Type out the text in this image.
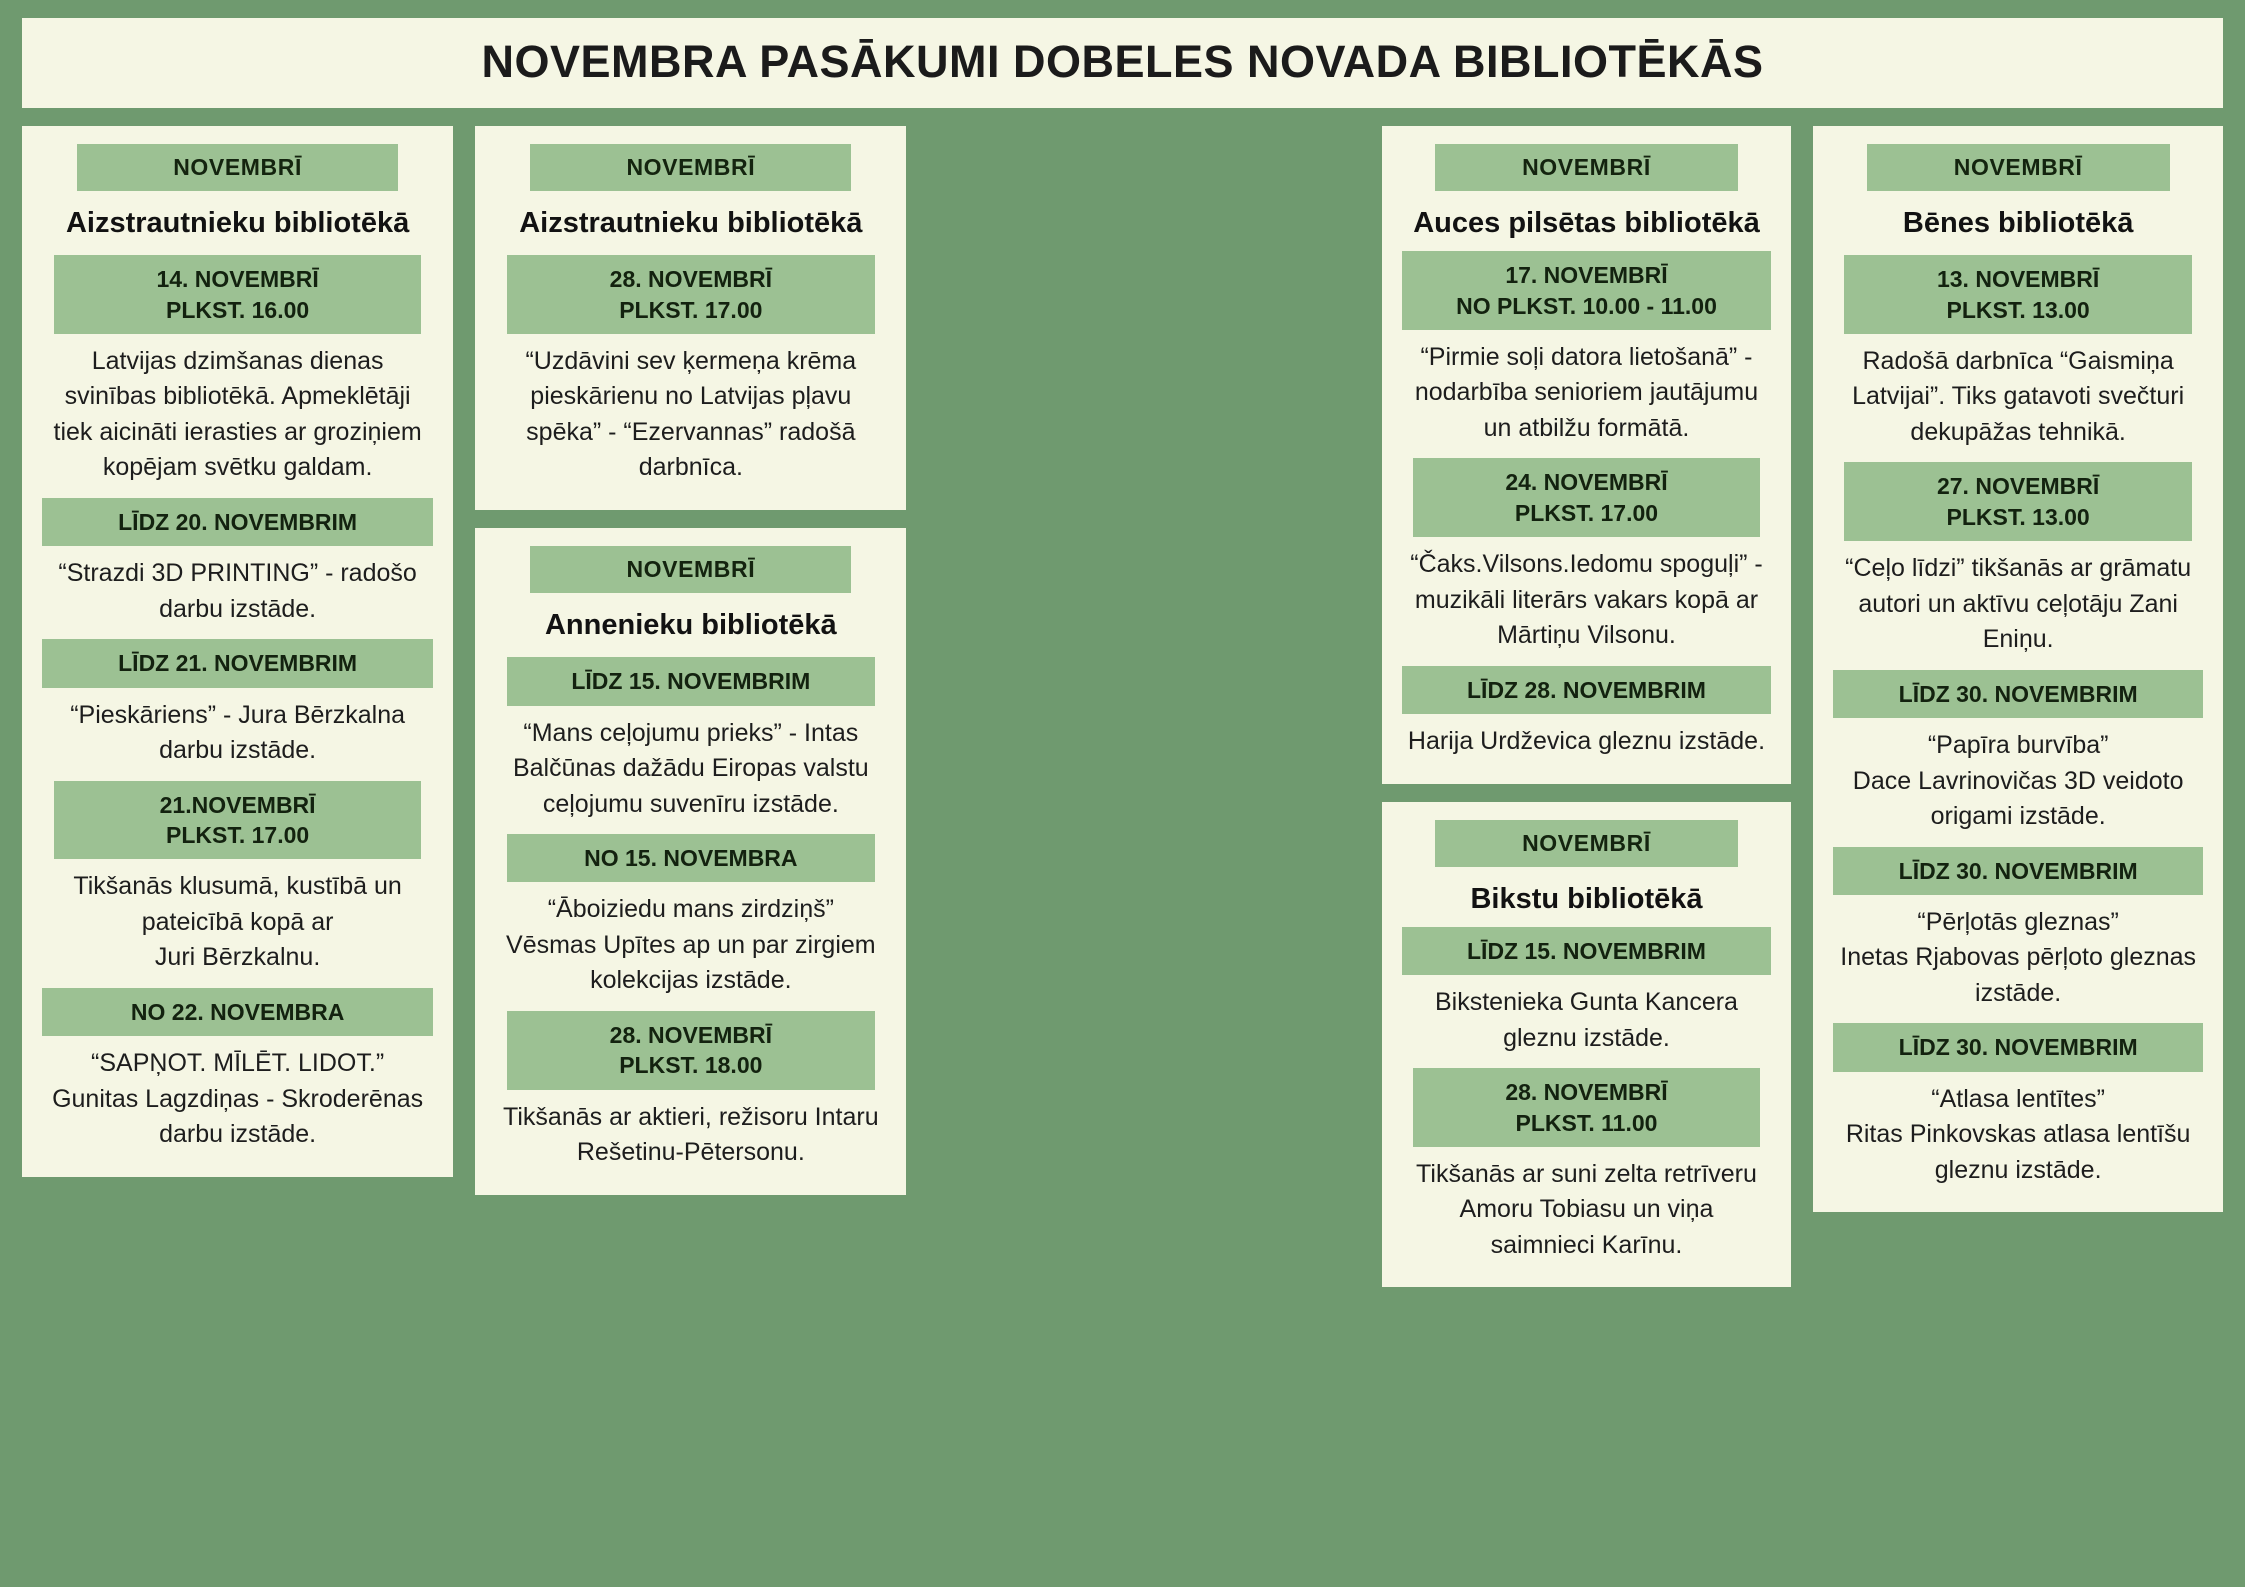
NOVEMBRA PASĀKUMI DOBELES NOVADA BIBLIOTĒKĀS
NOVEMBRĪ
Aizstrautnieku bibliotēkā
14. NOVEMBRĪ
PLKST. 16.00
Latvijas dzimšanas dienas svinības bibliotēkā. Apmeklētāji tiek aicināti ierasties ar groziņiem kopējam svētku galdam.
LĪDZ 20. NOVEMBRIM
“Strazdi 3D PRINTING” - radošo darbu izstāde.
LĪDZ 21. NOVEMBRIM
“Pieskāriens” - Jura Bērzkalna darbu izstāde.
21.NOVEMBRĪ
PLKST. 17.00
Tikšanās klusumā, kustībā un pateicībā kopā ar
Juri Bērzkalnu.
NO 22. NOVEMBRA
“SAPŅOT. MĪLĒT. LIDOT.” Gunitas Lagzdiņas - Skroderēnas darbu izstāde.
NOVEMBRĪ
Aizstrautnieku bibliotēkā
28. NOVEMBRĪ
PLKST. 17.00
“Uzdāvini sev ķermeņa krēma pieskārienu no Latvijas pļavu spēka” - “Ezervannas” radošā darbnīca.
NOVEMBRĪ
Annenieku bibliotēkā
LĪDZ 15. NOVEMBRIM
“Mans ceļojumu prieks” - Intas Balčūnas dažādu Eiropas valstu ceļojumu suvenīru izstāde.
NO 15. NOVEMBRA
“Āboiziedu mans zirdziņš” Vēsmas Upītes ap un par zirgiem kolekcijas izstāde.
28. NOVEMBRĪ
PLKST. 18.00
Tikšanās ar aktieri, režisoru Intaru Rešetinu-Pētersonu.
NOVEMBRĪ
Auces pilsētas bibliotēkā
17. NOVEMBRĪ
NO PLKST. 10.00 - 11.00
“Pirmie soļi datora lietošanā” - nodarbība senioriem jautājumu un atbilžu formātā.
24. NOVEMBRĪ
PLKST. 17.00
“Čaks.Vilsons.Iedomu spoguļi” - muzikāli literārs vakars kopā ar Mārtiņu Vilsonu.
LĪDZ 28. NOVEMBRIM
Harija Urdževica gleznu izstāde.
NOVEMBRĪ
Bikstu bibliotēkā
LĪDZ 15. NOVEMBRIM
Bikstenieka Gunta Kancera gleznu izstāde.
28. NOVEMBRĪ
PLKST. 11.00
Tikšanās ar suni zelta retrīveru Amoru Tobiasu un viņa saimnieci Karīnu.
NOVEMBRĪ
Bēnes bibliotēkā
13. NOVEMBRĪ
PLKST. 13.00
Radošā darbnīca “Gaismiņa Latvijai”. Tiks gatavoti svečturi dekupāžas tehnikā.
27. NOVEMBRĪ
PLKST. 13.00
“Ceļo līdzi” tikšanās ar grāmatu autori un aktīvu ceļotāju Zani Eniņu.
LĪDZ 30. NOVEMBRIM
“Papīra burvība”
Dace Lavrinovičas 3D veidoto origami izstāde.
LĪDZ 30. NOVEMBRIM
“Pērļotās gleznas”
Inetas Rjabovas pērļoto gleznas izstāde.
LĪDZ 30. NOVEMBRIM
“Atlasa lentītes”
Ritas Pinkovskas atlasa lentīšu gleznu izstāde.
